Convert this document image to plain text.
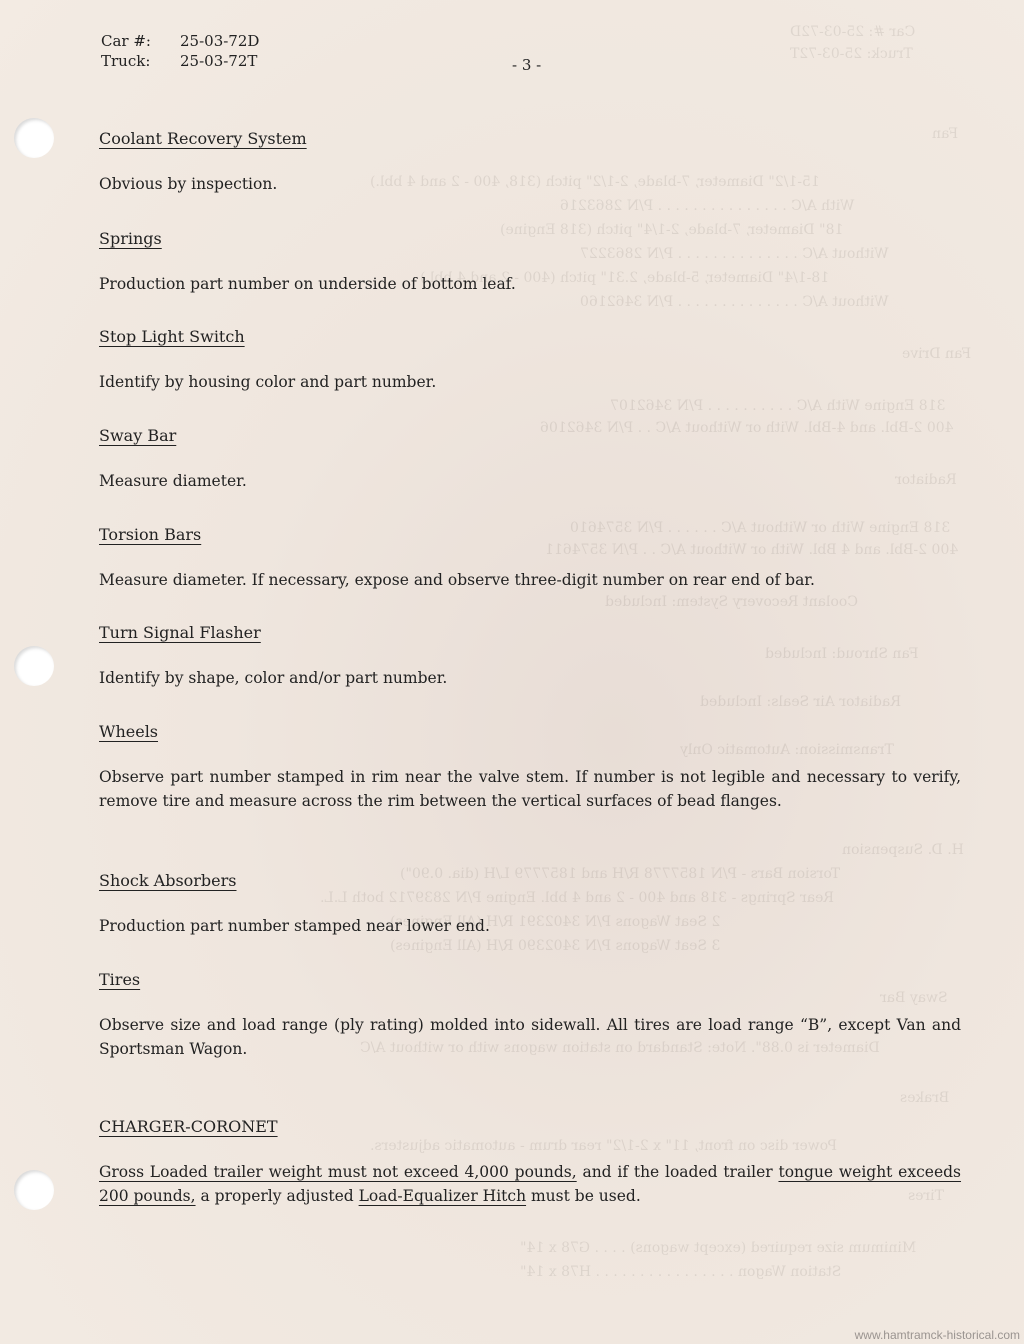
Car #: 25-03-72D
Truck: 25-03-72T
Fan
15-1/2" Diameter, 7-blade, 2-1/2" pitch (318, 400 - 2 and 4 bbl.)
With A/C . . . . . . . . . . . . . . . P/N 2863216
18" Diameter, 7-blade, 2-1/4" pitch (318 Engine)
Without A/C . . . . . . . . . . . . . . P/N 2863227
18-1/4" Diameter, 5-blade, 2.31" pitch (400 - 2 and 4 bbl.)
Without A/C . . . . . . . . . . . . . . P/N 3462160
Fan Drive
318 Engine With A/C . . . . . . . . . . P/N 3462107
400 2-Bbl. and 4-Bbl. With or Without A/C . . P/N 3462106
Radiator
318 Engine With or Without A/C . . . . . . P/N 3574610
400 2-Bbl. and 4 Bbl. With or Without A/C . . P/N 3574611
Coolant Recovery System: Included
Fan Shroud: Included
Radiator Air Seals: Included
Transmission: Automatic Only
H. D. Suspension
Torsion Bars - P/N 1857778 R/H and 1857779 L/H (dia. 0.90")
Rear Springs - 318 and 400 - 2 and 4 bbl. Engine P/N 2839712 both L.L.
2 Seat Wagons P/N 3402391 R/H (All Engines)
3 Seat Wagons P/N 3402390 R/H (All Engines)
Sway Bar
Diameter is 0.88". Note: Standard on station wagons with or without A/C
Brakes
Power disc on front, 11" x 2-1/2" rear drum - automatic adjusters.
Tires
Minimum size required (except wagons) . . . . G78 x 14"
Station Wagon . . . . . . . . . . . . . . . . H78 x 14"
Car #: 25-03-72D
Truck: 25-03-72T	- 3 -
Coolant Recovery System

Obvious by inspection.

Springs

Production part number on underside of bottom leaf.

Stop Light Switch

Identify by housing color and part number.

Sway Bar

Measure diameter.

Torsion Bars

Measure diameter. If necessary, expose and observe three-digit number on rear end of bar.

Turn Signal Flasher

Identify by shape, color and/or part number.

Wheels

Observe part number stamped in rim near the valve stem. If number is not legible and necessary to verify, remove tire and measure across the rim between the vertical surfaces of bead flanges.

Shock Absorbers

Production part number stamped near lower end.

Tires

Observe size and load range (ply rating) molded into sidewall. All tires are load range “B”, except Van and Sportsman Wagon.

CHARGER-CORONET

Gross Loaded trailer weight must not exceed 4,000 pounds, and if the loaded trailer tongue weight exceeds 200 pounds, a properly adjusted Load-Equalizer Hitch must be used.

www.hamtramck-historical.com
